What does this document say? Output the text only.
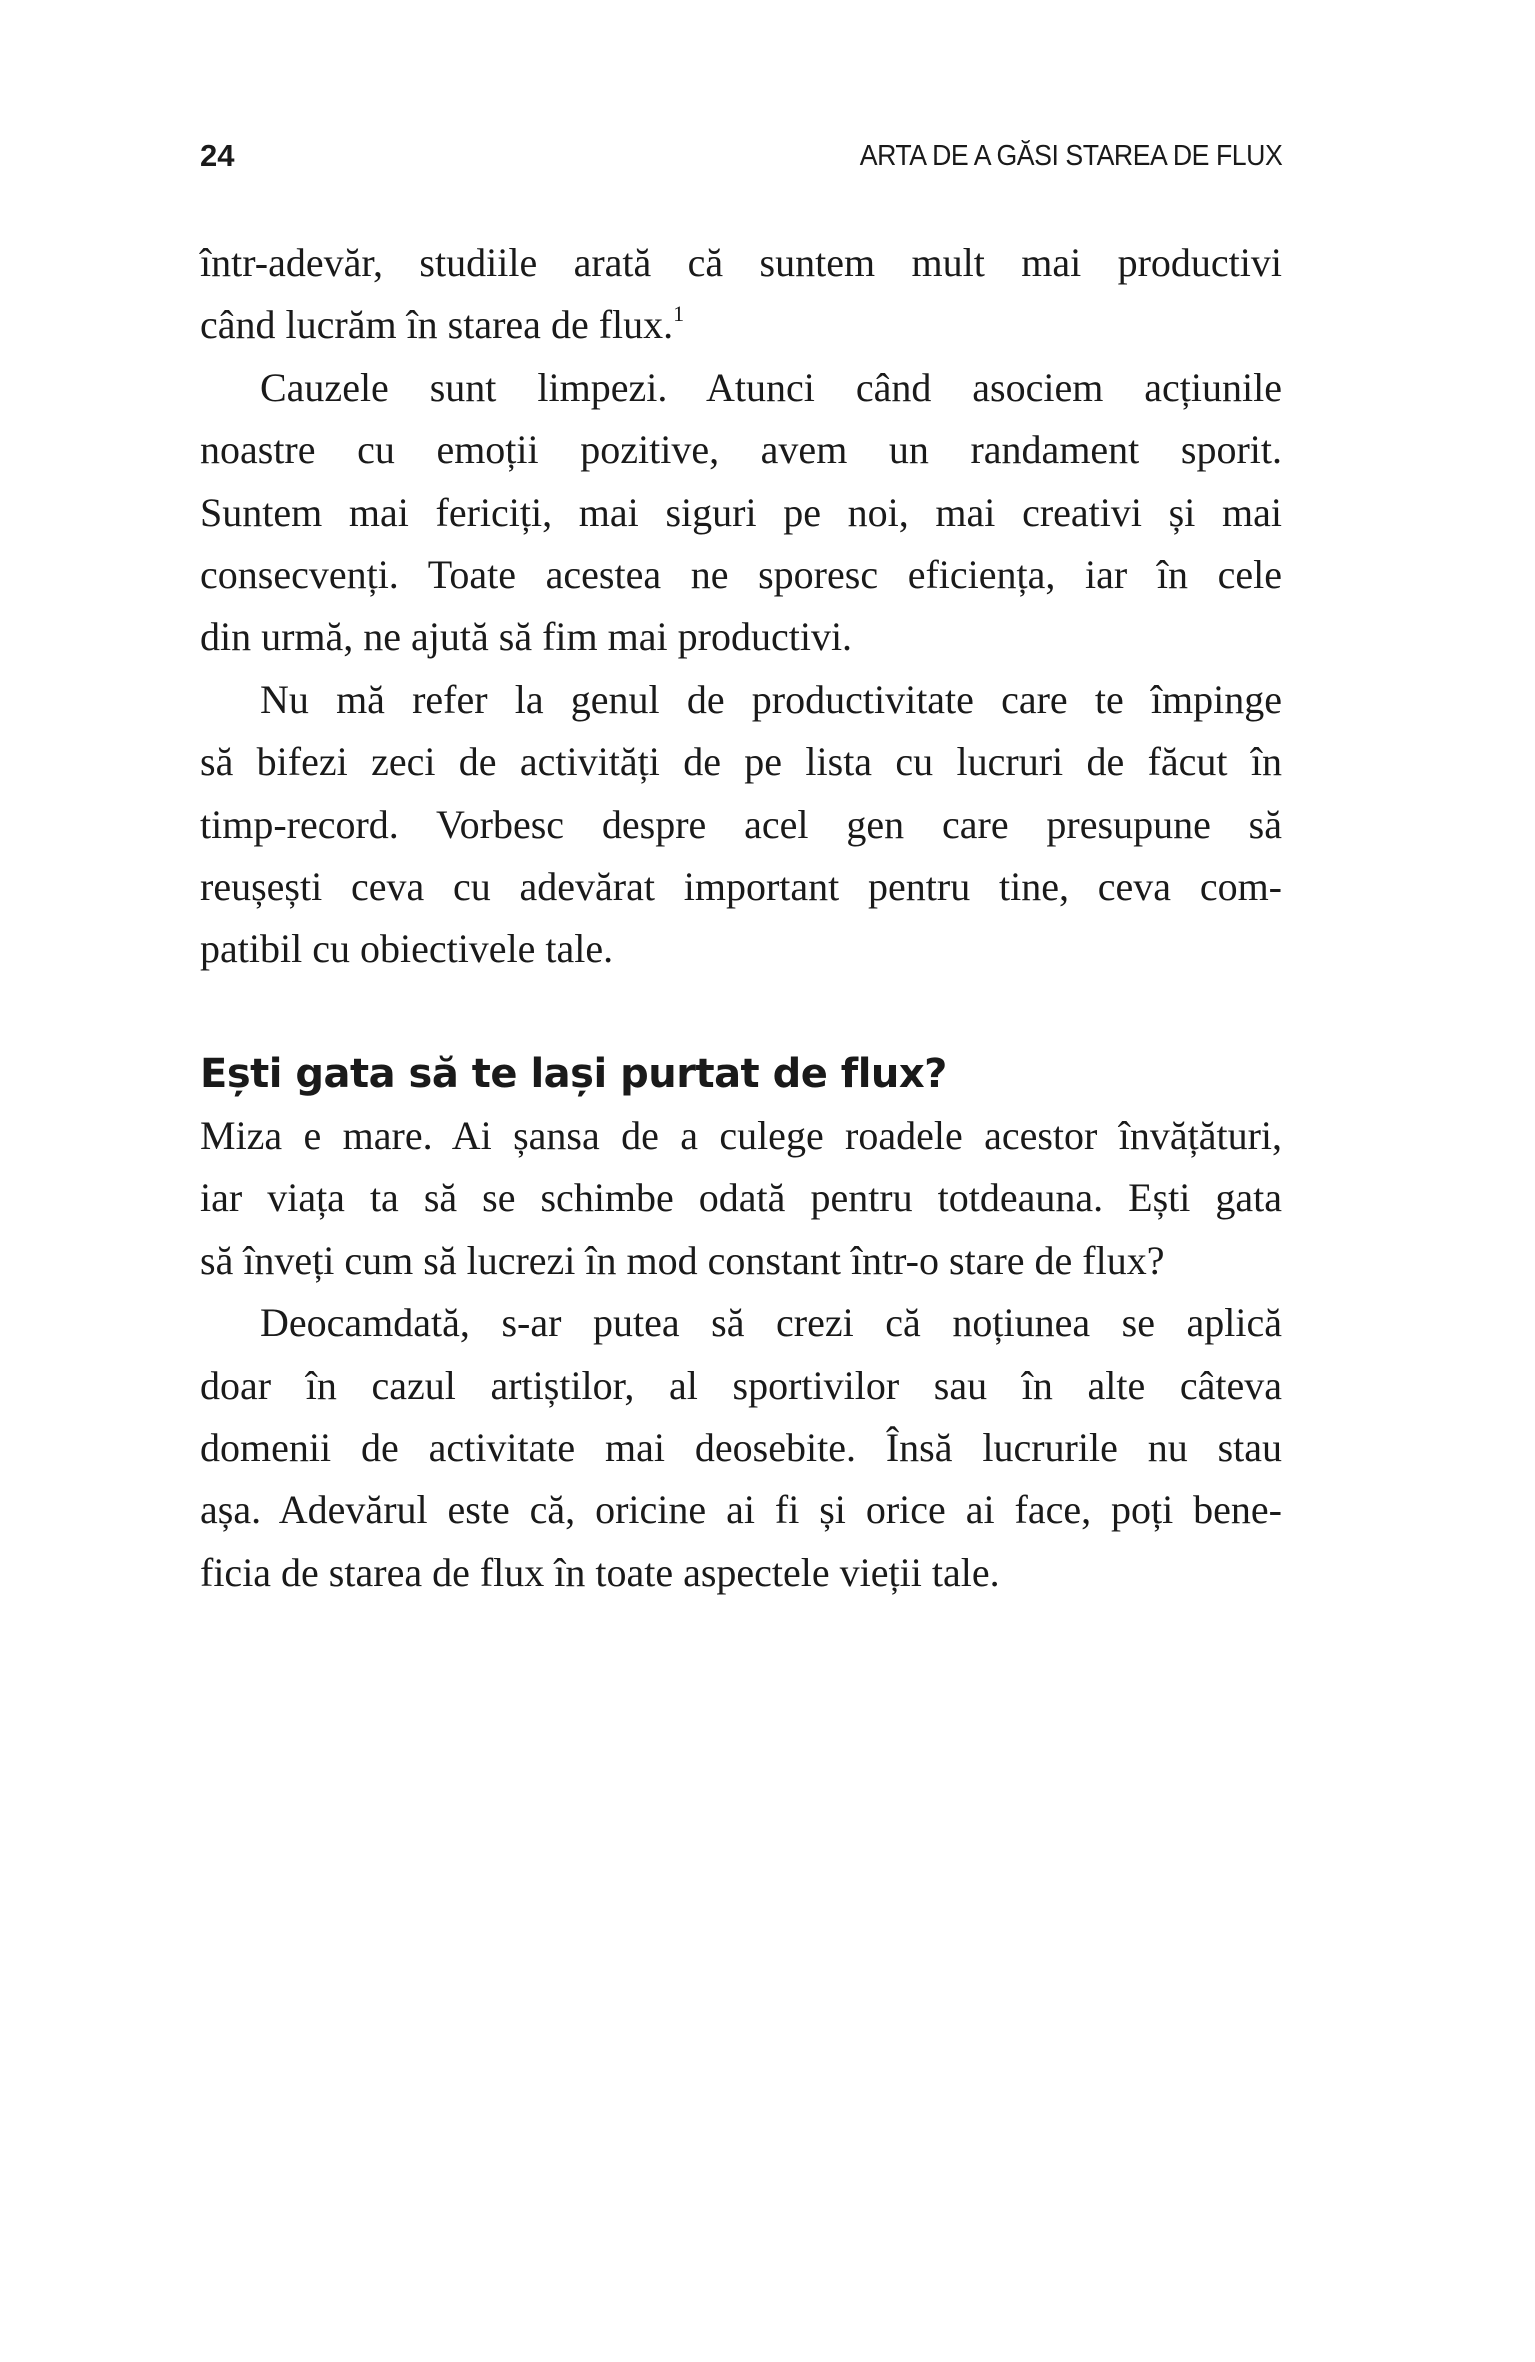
24	ARTA DE A GĂSI STAREA DE FLUX
într-adevăr, studiile arată că suntem mult mai productivi
când lucrăm în starea de flux.$^1$
Cauzele sunt limpezi. Atunci când asociem acțiunile
noastre cu emoții pozitive, avem un randament sporit.
Suntem mai fericiți, mai siguri pe noi, mai creativi și mai
consecvenți. Toate acestea ne sporesc eficiența, iar în cele
din urmă, ne ajută să fim mai productivi.
Nu mă refer la genul de productivitate care te împinge
să bifezi zeci de activități de pe lista cu lucruri de făcut în
timp-record. Vorbesc despre acel gen care presupune să
reușești ceva cu adevărat important pentru tine, ceva com-
patibil cu obiectivele tale.
Ești gata să te lași purtat de flux?
Miza e mare. Ai șansa de a culege roadele acestor învățături,
iar viața ta să se schimbe odată pentru totdeauna. Ești gata
să înveți cum să lucrezi în mod constant într-o stare de flux?
Deocamdată, s-ar putea să crezi că noțiunea se aplică
doar în cazul artiștilor, al sportivilor sau în alte câteva
domenii de activitate mai deosebite. Însă lucrurile nu stau
așa. Adevărul este că, oricine ai fi și orice ai face, poți bene-
ficia de starea de flux în toate aspectele vieții tale.
